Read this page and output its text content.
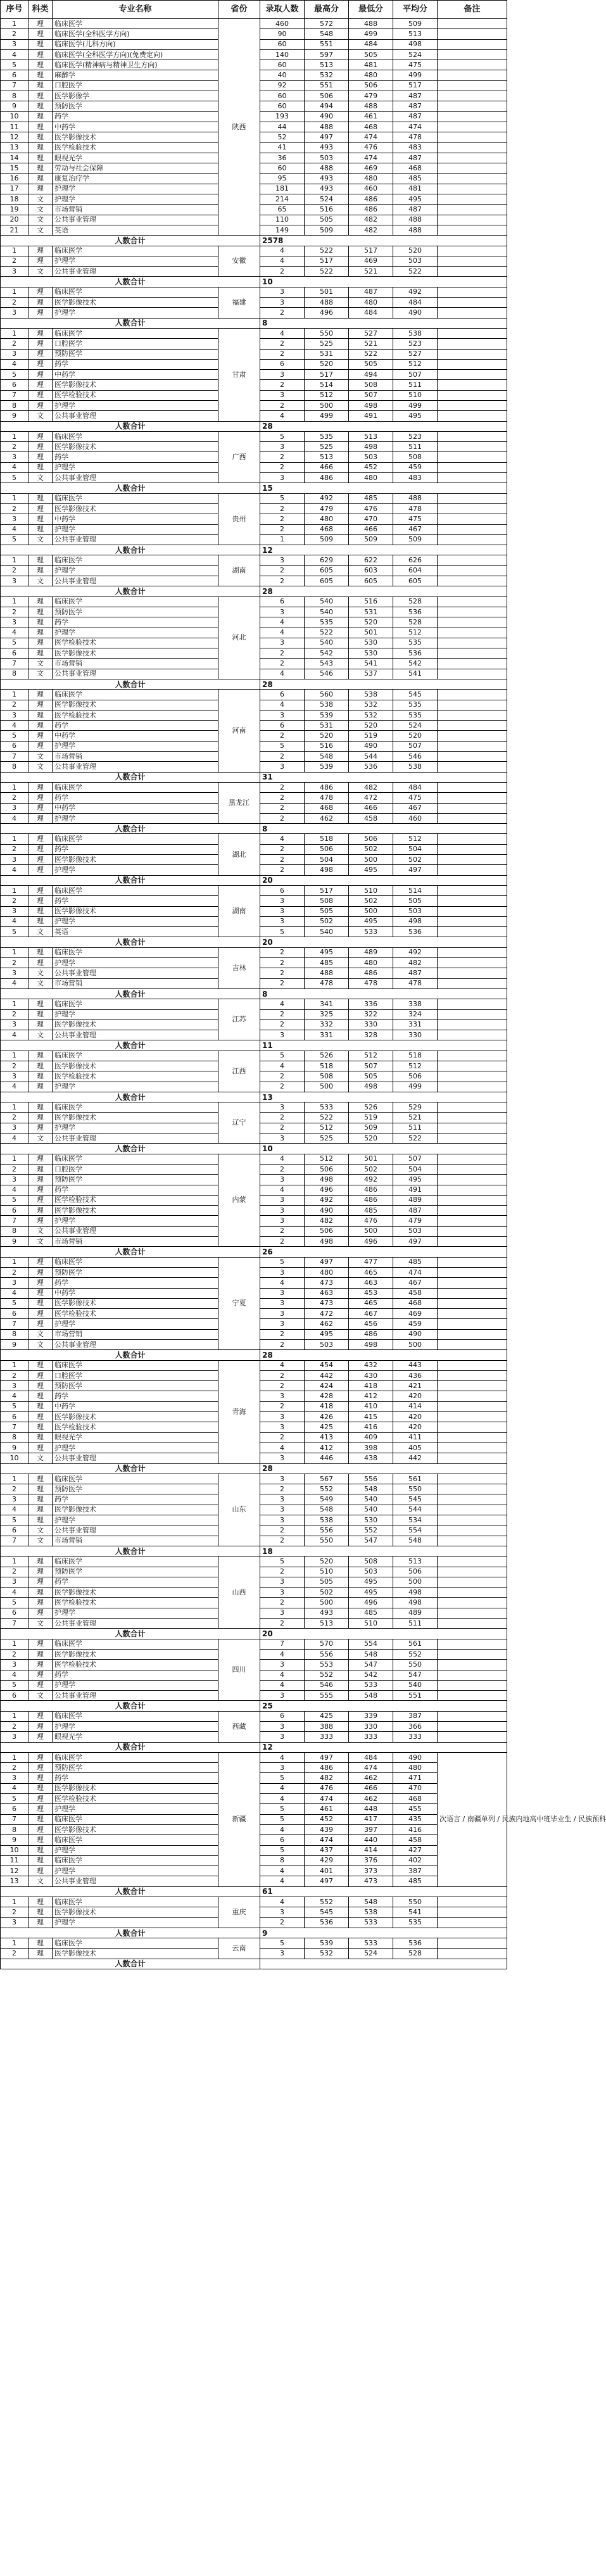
序号	科类	专业名称	省份	录取人数	最高分	最低分	平均分	备注
1	理	临床医学	陕西	460	572	488	509	
2	理	临床医学(全科医学方向)		90	548	499	513	
3	理	临床医学(儿科方向)		60	551	484	498	
4	理	临床医学(全科医学方向)(免费定向)		140	597	505	524	
5	理	临床医学(精神病与精神卫生方向)		60	513	481	475	
6	理	麻醉学		40	532	480	499	
7	理	口腔医学		92	551	506	517	
8	理	医学影像学		60	506	479	487	
9	理	预防医学		60	494	488	487	
10	理	药学		193	490	461	487	
11	理	中药学		44	488	468	474	
12	理	医学影像技术		52	497	474	478	
13	理	医学检验技术		41	493	476	483	
14	理	眼视光学		36	503	474	487	
15	理	劳动与社会保障		60	488	469	468	
16	理	康复治疗学		95	493	480	485	
17	理	护理学		181	493	460	481	
18	文	护理学		214	524	486	495	
19	文	市场营销		65	516	486	487	
20	文	公共事业管理		110	505	482	488	
21	文	英语		149	509	482	488	
人数合计				2578				
1	理	临床医学	安徽	4	522	517	520	
2	理	护理学		4	517	469	503	
3	文	公共事业管理		2	522	521	522	
人数合计				10				
1	理	临床医学	福建	3	501	487	492	
2	理	医学影像技术		3	488	480	484	
3	理	护理学		2	496	484	490	
人数合计				8				
1	理	临床医学	甘肃	4	550	527	538	
2	理	口腔医学		2	525	521	523	
3	理	预防医学		2	531	522	527	
4	理	药学		6	520	505	512	
5	理	中药学		3	517	494	507	
6	理	医学影像技术		2	514	508	511	
7	理	医学检验技术		3	512	507	510	
8	理	护理学		2	500	498	499	
9	文	公共事业管理		4	499	491	495	
人数合计				28				
1	理	临床医学	广西	5	535	513	523	
2	理	医学影像技术		3	525	498	511	
3	理	药学		2	513	503	508	
4	理	护理学		2	466	452	459	
5	文	公共事业管理		3	486	480	483	
人数合计				15				
1	理	临床医学	贵州	5	492	485	488	
2	理	医学影像技术		2	479	476	478	
3	理	中药学		2	480	470	475	
4	理	护理学		2	468	466	467	
5	文	公共事业管理		1	509	509	509	
人数合计				12				
1	理	临床医学	湖南	3	629	622	626	
2	理	护理学		2	605	603	604	
3	文	公共事业管理		2	605	605	605	
人数合计				28				
1	理	临床医学	河北	6	540	516	528	
2	理	预防医学		3	540	531	536	
3	理	药学		4	535	520	528	
4	理	护理学		4	522	501	512	
5	理	医学检验技术		3	540	530	535	
6	理	医学影像技术		2	542	530	536	
7	文	市场营销		2	543	541	542	
8	文	公共事业管理		4	546	537	541	
人数合计				28				
1	理	临床医学	河南	6	560	538	545	
2	理	医学影像技术		4	538	532	535	
3	理	医学检验技术		3	539	532	535	
4	理	药学		6	531	520	524	
5	理	中药学		2	520	519	520	
6	理	护理学		5	516	490	507	
7	文	市场营销		2	548	544	546	
8	文	公共事业管理		3	539	536	538	
人数合计				31				
1	理	临床医学	黑龙江	2	486	482	484	
2	理	药学		2	478	472	475	
3	理	中药学		2	468	466	467	
4	理	护理学		2	462	458	460	
人数合计				8				
1	理	临床医学	湖北	4	518	506	512	
2	理	药学		2	506	502	504	
3	理	医学影像技术		2	504	500	502	
4	理	护理学		2	498	495	497	
人数合计				20				
1	理	临床医学	湖南	6	517	510	514	
2	理	药学		3	508	502	505	
3	理	医学影像技术		3	505	500	503	
4	理	护理学		3	502	495	498	
5	文	英语		5	540	533	536	
人数合计				20				
1	理	临床医学	吉林	2	495	489	492	
2	理	护理学		2	485	480	482	
3	文	公共事业管理		2	488	486	487	
4	文	市场营销		2	478	478	478	
人数合计				8				
1	理	临床医学	江苏	4	341	336	338	
2	理	护理学		2	325	322	324	
3	理	医学影像技术		2	332	330	331	
4	文	公共事业管理		3	331	328	330	
人数合计				11				
1	理	临床医学	江西	5	526	512	518	
2	理	医学影像技术		4	518	507	512	
3	理	医学检验技术		2	508	505	506	
4	理	护理学		2	500	498	499	
人数合计				13				
1	理	临床医学	辽宁	3	533	526	529	
2	理	医学影像技术		2	522	519	521	
3	理	护理学		2	512	509	511	
4	文	公共事业管理		3	525	520	522	
人数合计				10				
1	理	临床医学	内蒙	4	512	501	507	
2	理	口腔医学		2	506	502	504	
3	理	预防医学		3	498	492	495	
4	理	药学		4	496	486	491	
5	理	医学检验技术		3	492	486	489	
6	理	医学影像技术		3	490	485	487	
7	理	护理学		3	482	476	479	
8	文	公共事业管理		2	506	500	503	
9	文	市场营销		2	498	496	497	
人数合计				26				
1	理	临床医学	宁夏	5	497	477	485	
2	理	预防医学		3	480	465	474	
3	理	药学		4	473	463	467	
4	理	中药学		3	463	453	458	
5	理	医学影像技术		3	473	465	468	
6	理	医学检验技术		3	472	467	469	
7	理	护理学		3	462	456	459	
8	文	市场营销		2	495	486	490	
9	文	公共事业管理		2	503	498	500	
人数合计				28				
1	理	临床医学	青海	4	454	432	443	
2	理	口腔医学		2	442	430	436	
3	理	预防医学		2	424	418	421	
4	理	药学		3	428	412	420	
5	理	中药学		2	418	410	414	
6	理	医学影像技术		3	426	415	420	
7	理	医学检验技术		3	425	416	420	
8	理	眼视光学		2	413	409	411	
9	理	护理学		4	412	398	405	
10	文	公共事业管理		3	446	438	442	
人数合计				28				
1	理	临床医学	山东	3	567	556	561	
2	理	预防医学		2	552	548	550	
3	理	药学		3	549	540	545	
4	理	医学影像技术		3	548	540	544	
5	理	护理学		3	538	530	534	
6	文	公共事业管理		2	556	552	554	
7	文	市场营销		2	550	547	548	
人数合计				18				
1	理	临床医学	山西	5	520	508	513	
2	理	预防医学		2	510	503	506	
3	理	药学		3	505	495	500	
4	理	医学影像技术		3	502	495	498	
5	理	医学检验技术		2	500	496	498	
6	理	护理学		3	493	485	489	
7	文	公共事业管理		2	513	510	511	
人数合计				20				
1	理	临床医学	四川	7	570	554	561	
2	理	医学影像技术		4	556	548	552	
3	理	医学检验技术		3	553	547	550	
4	理	药学		4	552	542	547	
5	理	护理学		4	546	533	540	
6	文	公共事业管理		3	555	548	551	
人数合计				25				
1	理	临床医学	西藏	6	425	339	387	
2	理	护理学		3	388	330	366	
3	理	眼视光学		3	333	333	333	
人数合计				12				
1	理	临床医学	新疆	4	497	484	490	次语言 / 南疆单列 / 民族内地高中班毕业生 / 民族预科
2	理	预防医学		3	486	474	480	
3	理	药学		5	482	462	471	
4	理	医学影像技术		4	476	466	470	
5	理	医学检验技术		4	474	462	468	
6	理	护理学		5	461	448	455	
7	理	临床医学		5	452	417	435	
8	理	医学影像技术		4	439	397	416	
9	理	临床医学		6	474	440	458	
10	理	护理学		5	437	414	427	
11	理	临床医学		8	429	376	402	
12	理	护理学		4	401	373	387	
13	文	公共事业管理		4	497	473	485	
人数合计				61				
1	理	临床医学	重庆	4	552	548	550	
2	理	医学影像技术		3	545	538	541	
3	理	护理学		2	536	533	535	
人数合计				9				
1	理	临床医学	云南	5	539	533	536	
2	理	医学影像技术		3	532	524	528	
人数合计								
